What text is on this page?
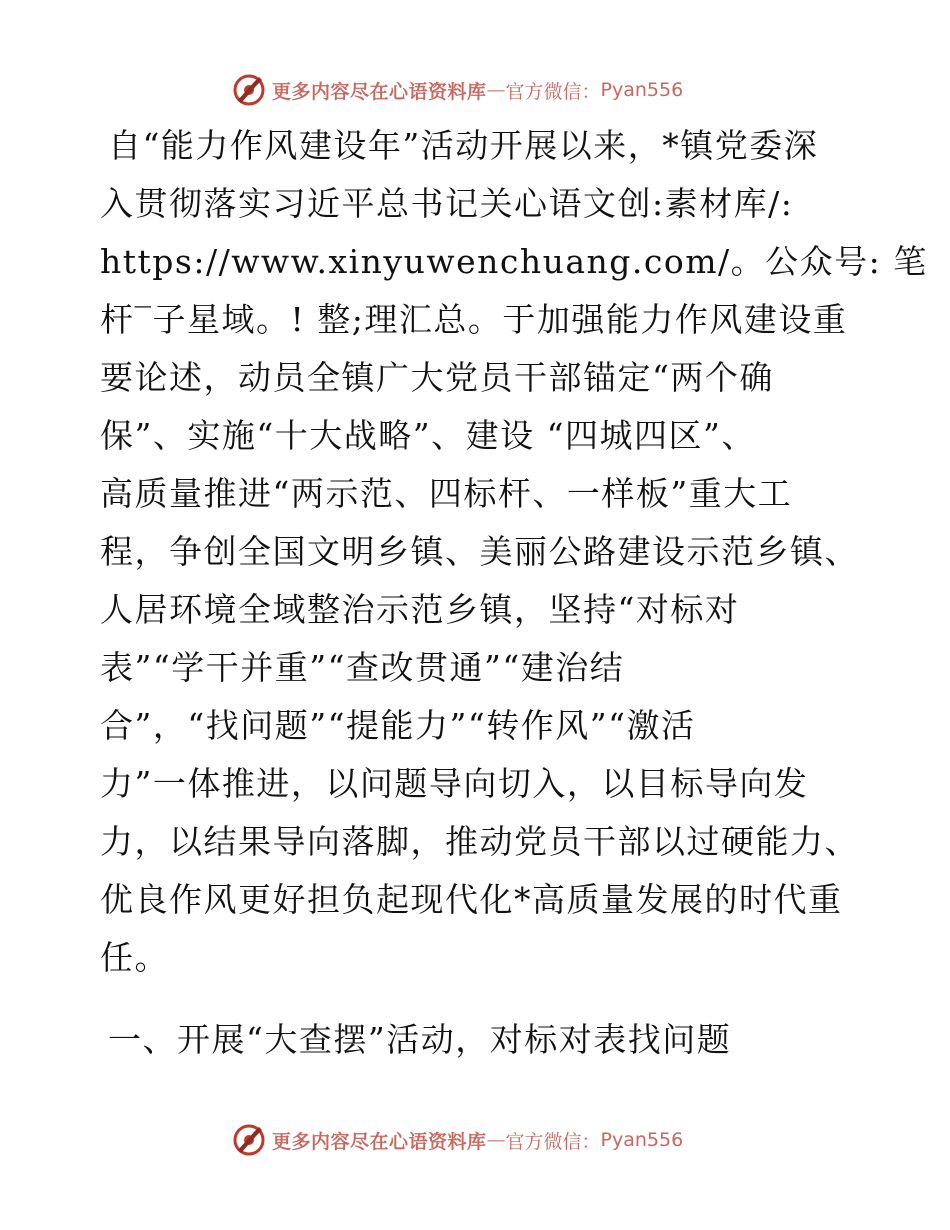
更多内容尽在心语资料库 — 官方微信： Pyan556
自“能力作风建设年”活动开展以来，*镇党委深
入贯彻落实习近平总书记关心语文创:素材库/:
https://www.xinyuwenchuang.com/。公众号: 笔
杆‾子星域。! 整;理汇总。于加强能力作风建设重
要论述，动员全镇广大党员干部锚定“两个确
保”、实施“十大战略”、建设 “四城四区”、
高质量推进“两示范、四标杆、一样板”重大工
程，争创全国文明乡镇、美丽公路建设示范乡镇、
人居环境全域整治示范乡镇，坚持“对标对
表”“学干并重”“查改贯通”“建治结
合”，“找问题”“提能力”“转作风”“激活
力”一体推进，以问题导向切入，以目标导向发
力，以结果导向落脚，推动党员干部以过硬能力、
优良作风更好担负起现代化*高质量发展的时代重
任。
一、开展“大查摆”活动，对标对表找问题
更多内容尽在心语资料库 — 官方微信： Pyan556
